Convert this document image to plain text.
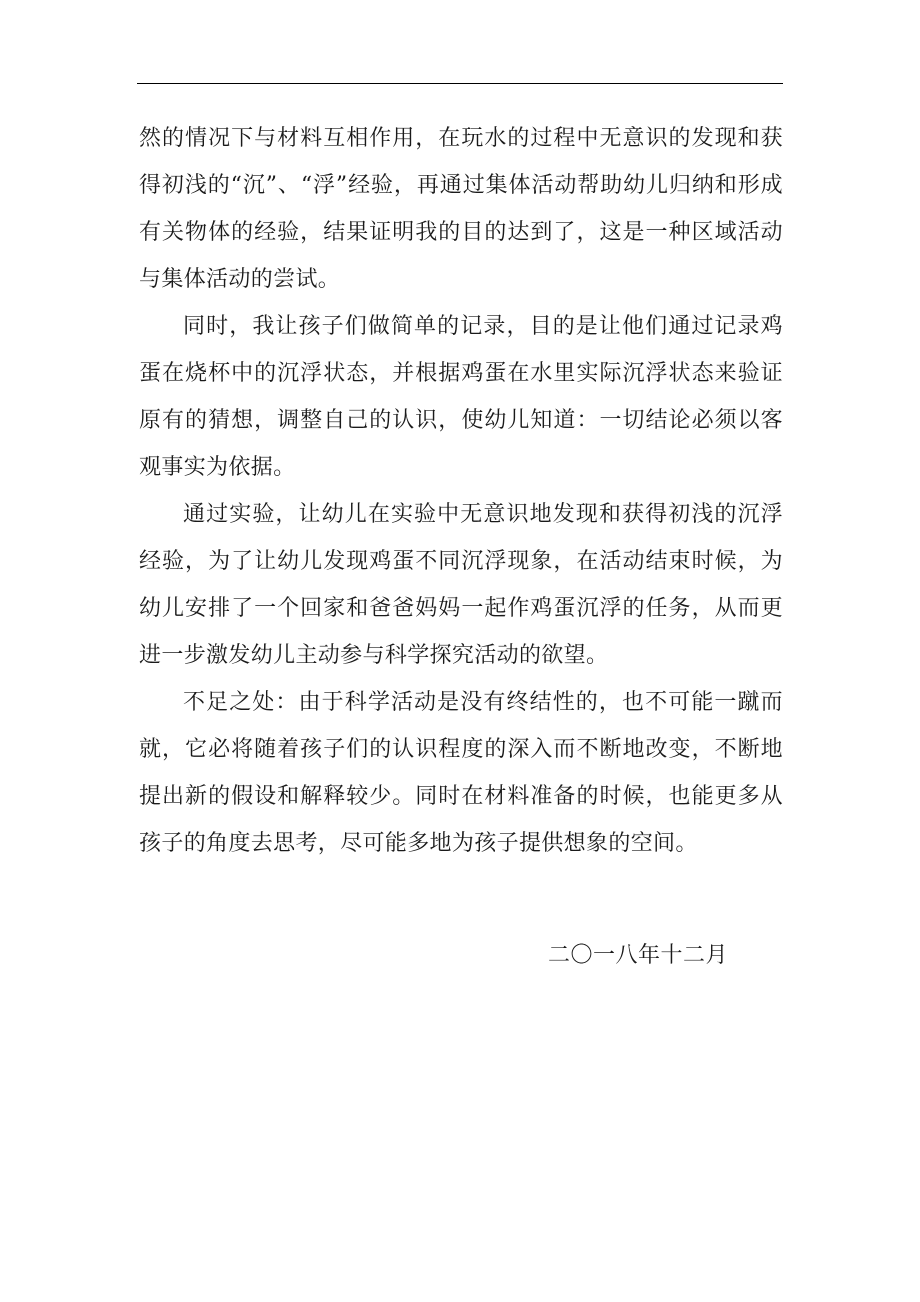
然的情况下与材料互相作用，在玩水的过程中无意识的发现和获得初浅的“沉”、“浮”经验，再通过集体活动帮助幼儿归纳和形成有关物体的经验，结果证明我的目的达到了，这是一种区域活动与集体活动的尝试。

同时，我让孩子们做简单的记录，目的是让他们通过记录鸡蛋在烧杯中的沉浮状态，并根据鸡蛋在水里实际沉浮状态来验证原有的猜想，调整自己的认识，使幼儿知道：一切结论必须以客观事实为依据。

通过实验，让幼儿在实验中无意识地发现和获得初浅的沉浮经验，为了让幼儿发现鸡蛋不同沉浮现象，在活动结束时候，为幼儿安排了一个回家和爸爸妈妈一起作鸡蛋沉浮的任务，从而更进一步激发幼儿主动参与科学探究活动的欲望。

不足之处：由于科学活动是没有终结性的，也不可能一蹴而就，它必将随着孩子们的认识程度的深入而不断地改变，不断地提出新的假设和解释较少。同时在材料准备的时候，也能更多从孩子的角度去思考，尽可能多地为孩子提供想象的空间。

二〇一八年十二月
